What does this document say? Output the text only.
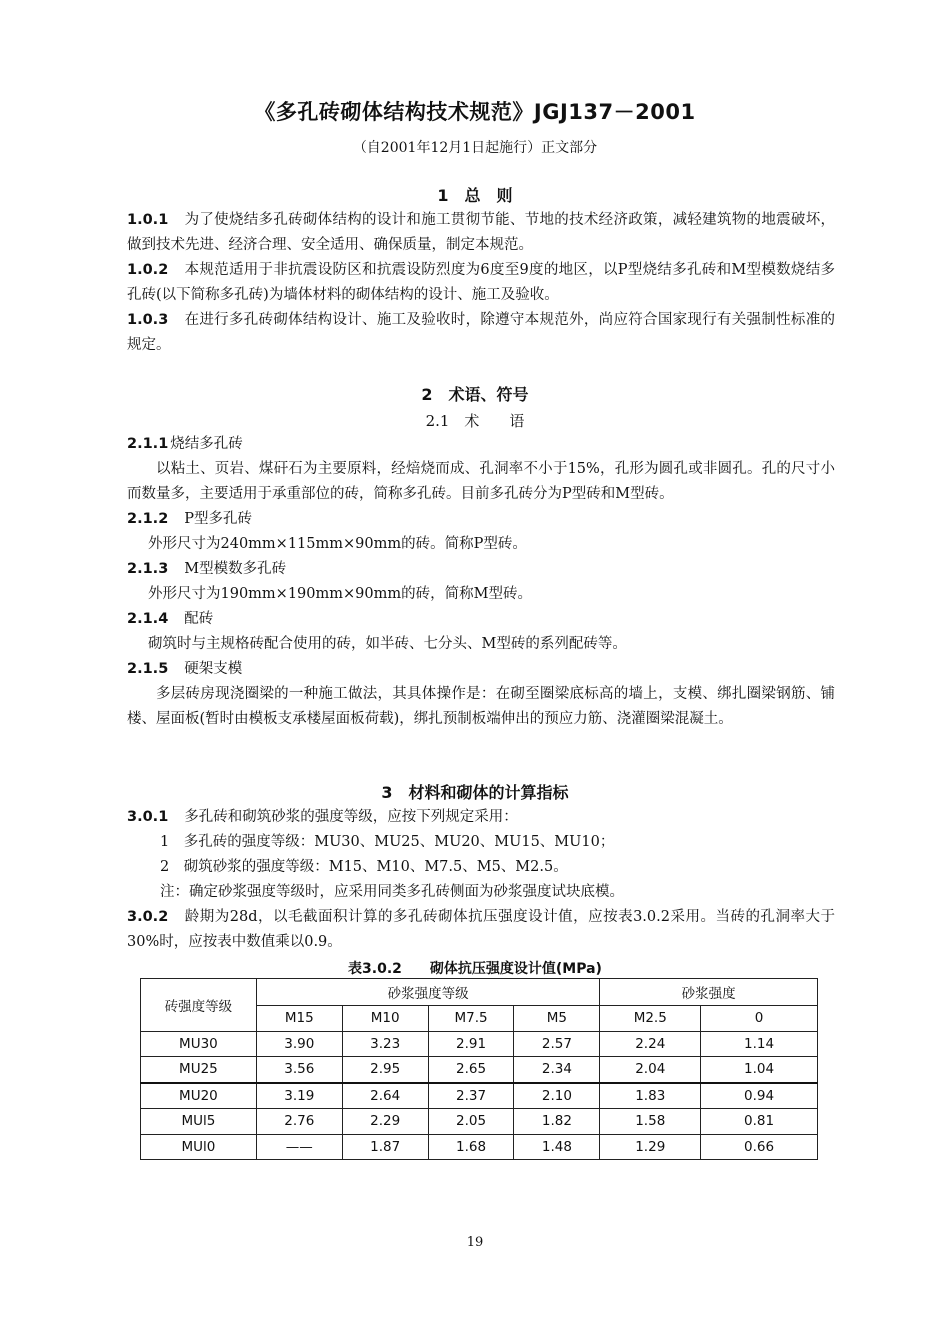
《多孔砖砌体结构技术规范》JGJ137－2001
（自2001年12月1日起施行）正文部分
1　总　则
1.0.1 为了使烧结多孔砖砌体结构的设计和施工贯彻节能、节地的技术经济政策，减轻建筑物的地震破坏，做到技术先进、经济合理、安全适用、确保质量，制定本规范。
1.0.2 本规范适用于非抗震设防区和抗震设防烈度为6度至9度的地区，以P型烧结多孔砖和M型模数烧结多孔砖(以下简称多孔砖)为墙体材料的砌体结构的设计、施工及验收。
1.0.3 在进行多孔砖砌体结构设计、施工及验收时，除遵守本规范外，尚应符合国家现行有关强制性标准的规定。
2　术语、符号
2.1　术　　语
2.1.1 烧结多孔砖
以粘土、页岩、煤矸石为主要原料，经焙烧而成、孔洞率不小于15%，孔形为圆孔或非圆孔。孔的尺寸小而数量多，主要适用于承重部位的砖，简称多孔砖。目前多孔砖分为P型砖和M型砖。
2.1.2 P型多孔砖
外形尺寸为240mm×115mm×90mm的砖。简称P型砖。
2.1.3 M型模数多孔砖
外形尺寸为190mm×190mm×90mm的砖，简称M型砖。
2.1.4 配砖
砌筑时与主规格砖配合使用的砖，如半砖、七分头、M型砖的系列配砖等。
2.1.5 硬架支模
多层砖房现浇圈梁的一种施工做法，其具体操作是：在砌至圈梁底标高的墙上，支模、绑扎圈梁钢筋、铺楼、屋面板(暂时由模板支承楼屋面板荷载)，绑扎预制板端伸出的预应力筋、浇灌圈梁混凝土。
3　材料和砌体的计算指标
3.0.1 多孔砖和砌筑砂浆的强度等级，应按下列规定采用：
1　多孔砖的强度等级：MU30、MU25、MU20、MU15、MU10；
2　砌筑砂浆的强度等级：M15、M10、M7.5、M5、M2.5。
注：确定砂浆强度等级时，应采用同类多孔砖侧面为砂浆强度试块底模。
3.0.2 龄期为28d，以毛截面积计算的多孔砖砌体抗压强度设计值，应按表3.0.2采用。当砖的孔洞率大于30%时，应按表中数值乘以0.9。
表3.0.2　　砌体抗压强度设计值(MPa)
砖强度等级	砂浆强度等级				砂浆强度	
	M15	M10	M7.5	M5	M2.5	0
MU30	3.90	3.23	2.91	2.57	2.24	1.14
MU25	3.56	2.95	2.65	2.34	2.04	1.04
MU20	3.19	2.64	2.37	2.10	1.83	0.94
MUl5	2.76	2.29	2.05	1.82	1.58	0.81
MUl0	——	1.87	1.68	1.48	1.29	0.66
19
